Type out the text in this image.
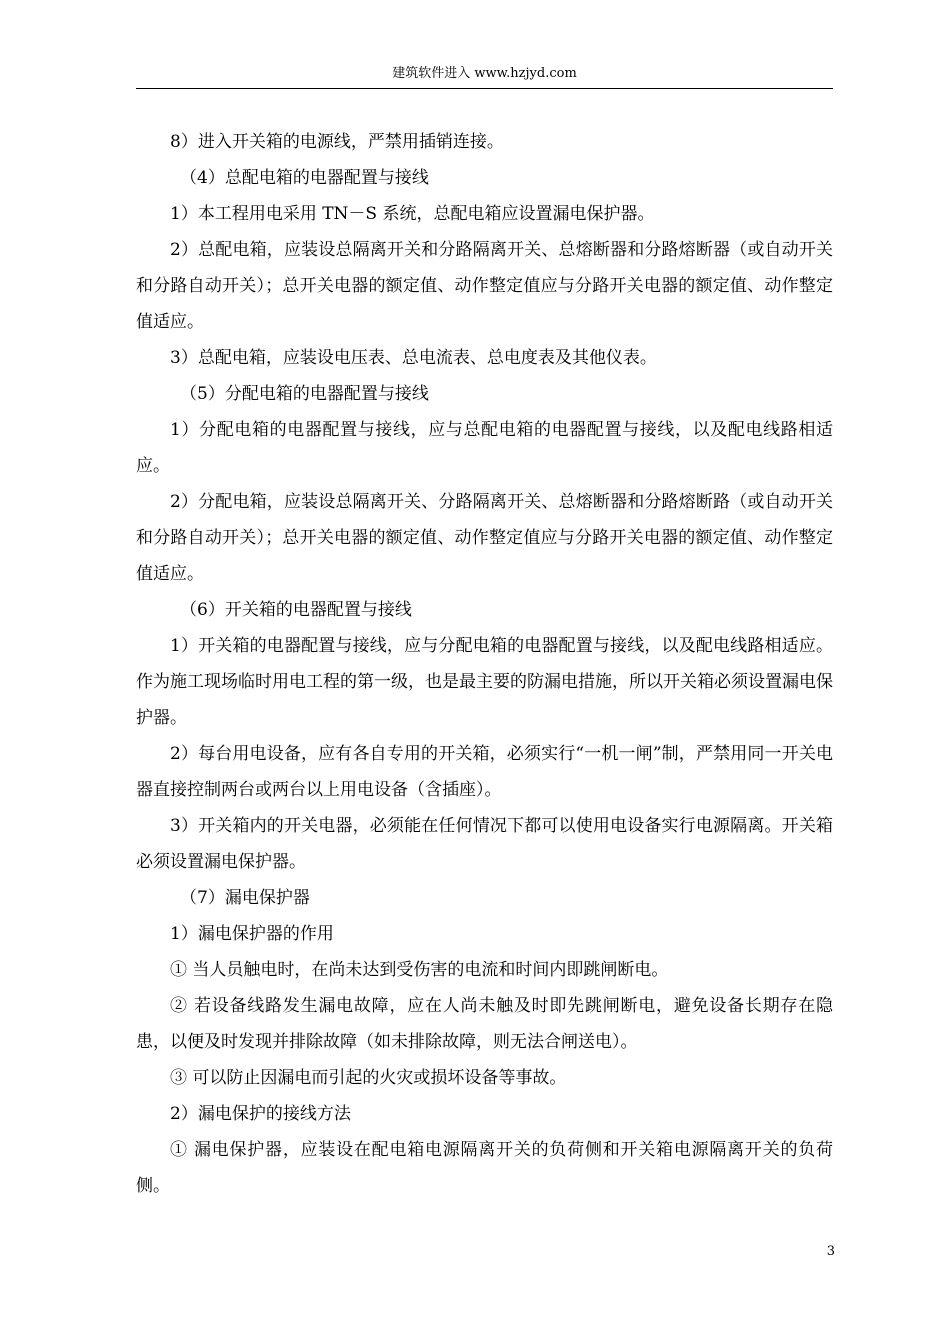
建筑软件进入 www.hzjyd.com

8）进入开关箱的电源线，严禁用插销连接。

（4）总配电箱的电器配置与接线

1）本工程用电采用 TN－S 系统，总配电箱应设置漏电保护器。

2）总配电箱，应装设总隔离开关和分路隔离开关、总熔断器和分路熔断器（或自动开关和分路自动开关）；总开关电器的额定值、动作整定值应与分路开关电器的额定值、动作整定值适应。

3）总配电箱，应装设电压表、总电流表、总电度表及其他仪表。

（5）分配电箱的电器配置与接线

1）分配电箱的电器配置与接线，应与总配电箱的电器配置与接线，以及配电线路相适应。

2）分配电箱，应装设总隔离开关、分路隔离开关、总熔断器和分路熔断路（或自动开关和分路自动开关）；总开关电器的额定值、动作整定值应与分路开关电器的额定值、动作整定值适应。

（6）开关箱的电器配置与接线

1）开关箱的电器配置与接线，应与分配电箱的电器配置与接线，以及配电线路相适应。作为施工现场临时用电工程的第一级，也是最主要的防漏电措施，所以开关箱必须设置漏电保护器。

2）每台用电设备，应有各自专用的开关箱，必须实行“一机一闸”制，严禁用同一开关电器直接控制两台或两台以上用电设备（含插座）。

3）开关箱内的开关电器，必须能在任何情况下都可以使用电设备实行电源隔离。开关箱必须设置漏电保护器。

（7）漏电保护器

1）漏电保护器的作用

① 当人员触电时，在尚未达到受伤害的电流和时间内即跳闸断电。

② 若设备线路发生漏电故障，应在人尚未触及时即先跳闸断电，避免设备长期存在隐患，以便及时发现并排除故障（如未排除故障，则无法合闸送电）。

③ 可以防止因漏电而引起的火灾或损坏设备等事故。

2）漏电保护的接线方法

① 漏电保护器，应装设在配电箱电源隔离开关的负荷侧和开关箱电源隔离开关的负荷侧。

3
